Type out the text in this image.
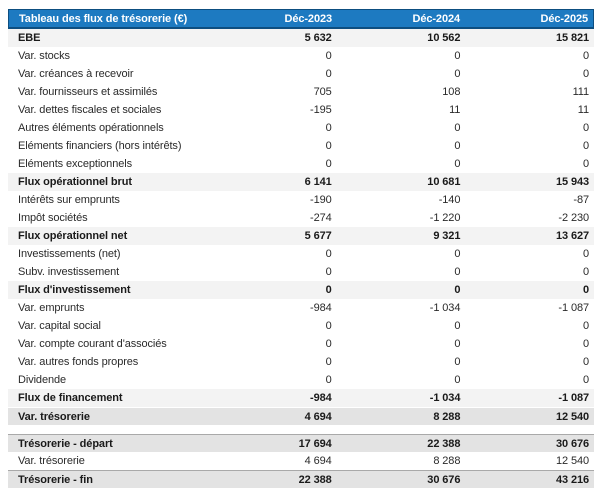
Tableau des flux de trésorerie (€)	Déc-2023	Déc-2024	Déc-2025
EBE	5 632	10 562	15 821
Var. stocks	0	0	0
Var. créances à recevoir	0	0	0
Var. fournisseurs et assimilés	705	108	111
Var. dettes fiscales et sociales	-195	11	11
Autres éléments opérationnels	0	0	0
Eléments financiers (hors intérêts)	0	0	0
Eléments exceptionnels	0	0	0
Flux opérationnel brut	6 141	10 681	15 943
Intérêts sur emprunts	-190	-140	-87
Impôt sociétés	-274	-1 220	-2 230
Flux opérationnel net	5 677	9 321	13 627
Investissements (net)	0	0	0
Subv. investissement	0	0	0
Flux d'investissement	0	0	0
Var. emprunts	-984	-1 034	-1 087
Var. capital social	0	0	0
Var. compte courant d'associés	0	0	0
Var. autres fonds propres	0	0	0
Dividende	0	0	0
Flux de financement	-984	-1 034	-1 087
Var. trésorerie	4 694	8 288	12 540
Trésorerie - départ	17 694	22 388	30 676
Var. trésorerie	4 694	8 288	12 540
Trésorerie - fin	22 388	30 676	43 216
